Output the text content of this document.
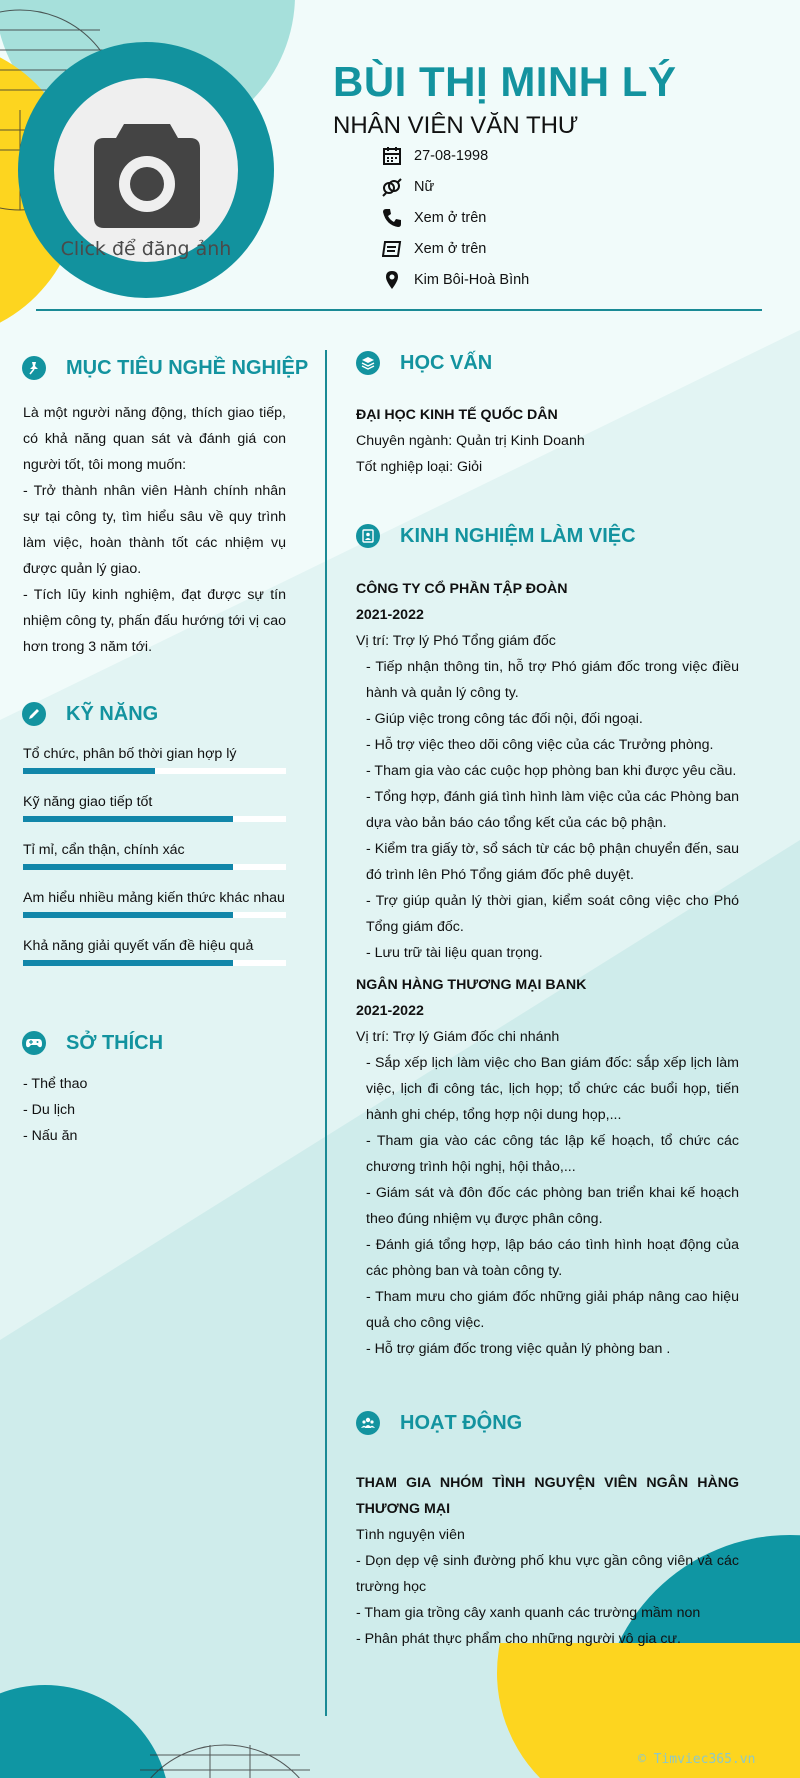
Click để đăng ảnh
BÙI THỊ MINH LÝ
NHÂN VIÊN VĂN THƯ
27-08-1998
Nữ
Xem ở trên
Xem ở trên
Kim Bôi-Hoà Bình
MỤC TIÊU NGHỀ NGHIỆP
Là một người năng động, thích giao tiếp, có khả năng quan sát và đánh giá con người tốt, tôi mong muốn:
- Trở thành nhân viên Hành chính nhân sự tại công ty, tìm hiểu sâu về quy trình làm việc, hoàn thành tốt các nhiệm vụ được quản lý giao.
- Tích lũy kinh nghiệm, đạt được sự tín nhiệm công ty, phấn đấu hướng tới vị cao hơn trong 3 năm tới.
KỸ NĂNG
Tổ chức, phân bố thời gian hợp lý
Kỹ năng giao tiếp tốt
Tỉ mỉ, cẩn thận, chính xác
Am hiểu nhiều mảng kiến thức khác nhau
Khả năng giải quyết vấn đề hiệu quả
SỞ THÍCH
- Thể thao
- Du lịch
- Nấu ăn
HỌC VẤN
ĐẠI HỌC KINH TẾ QUỐC DÂN
Chuyên ngành: Quản trị Kinh Doanh
Tốt nghiệp loại: Giỏi
KINH NGHIỆM LÀM VIỆC
CÔNG TY CỔ PHẦN TẬP ĐOÀN
2021-2022
Vị trí: Trợ lý Phó Tổng giám đốc
- Tiếp nhận thông tin, hỗ trợ Phó giám đốc trong việc điều hành và quản lý công ty.
- Giúp việc trong công tác đối nội, đối ngoại.
- Hỗ trợ việc theo dõi công việc của các Trưởng phòng.
- Tham gia vào các cuộc họp phòng ban khi được yêu cầu.
- Tổng hợp, đánh giá tình hình làm việc của các Phòng ban dựa vào bản báo cáo tổng kết của các bộ phận.
- Kiểm tra giấy tờ, sổ sách từ các bộ phận chuyển đến, sau đó trình lên Phó Tổng giám đốc phê duyệt.
- Trợ giúp quản lý thời gian, kiểm soát công việc cho Phó Tổng giám đốc.
- Lưu trữ tài liệu quan trọng.
NGÂN HÀNG THƯƠNG MẠI BANK
2021-2022
Vị trí: Trợ lý Giám đốc chi nhánh
- Sắp xếp lịch làm việc cho Ban giám đốc: sắp xếp lịch làm việc, lịch đi công tác, lịch họp; tổ chức các buổi họp, tiến hành ghi chép, tổng hợp nội dung họp,...
- Tham gia vào các công tác lập kế hoạch, tổ chức các chương trình hội nghị, hội thảo,...
- Giám sát và đôn đốc các phòng ban triển khai kế hoạch theo đúng nhiệm vụ được phân công.
- Đánh giá tổng hợp, lập báo cáo tình hình hoạt động của các phòng ban và toàn công ty.
- Tham mưu cho giám đốc những giải pháp nâng cao hiệu quả cho công việc.
- Hỗ trợ giám đốc trong việc quản lý phòng ban .
HOẠT ĐỘNG
THAM GIA NHÓM TÌNH NGUYỆN VIÊN NGÂN HÀNG THƯƠNG MẠI
Tình nguyện viên
- Dọn dẹp vệ sinh đường phố khu vực gần công viên và các trường học
- Tham gia trồng cây xanh quanh các trường mầm non
- Phân phát thực phẩm cho những người vô gia cư.
© Timviec365.vn
